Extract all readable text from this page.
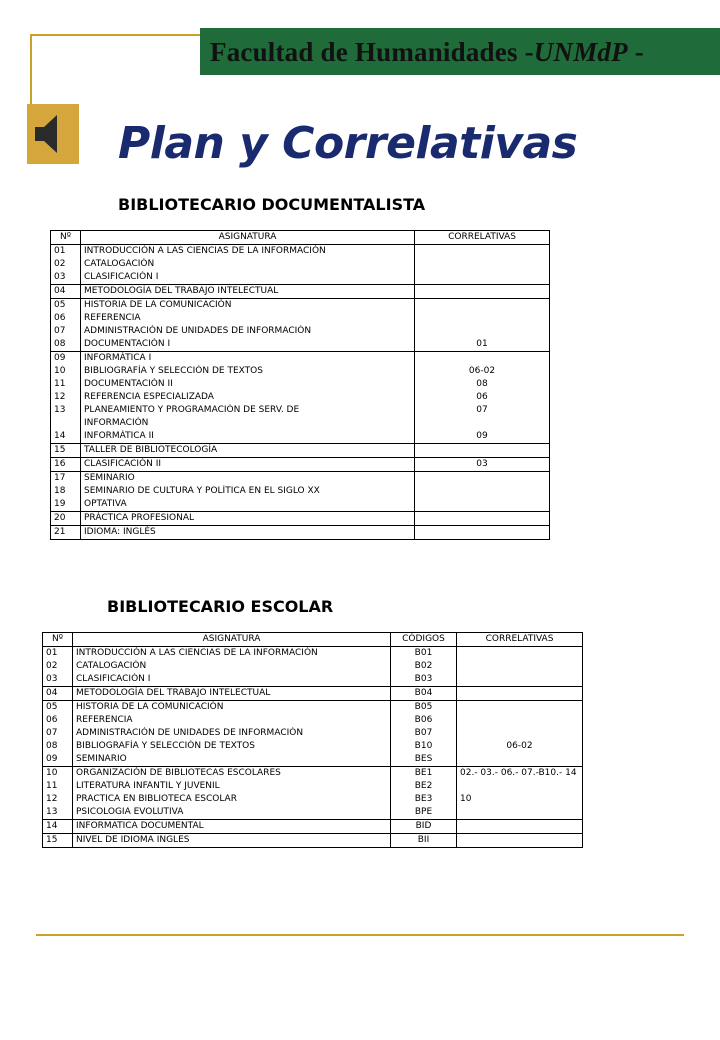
Facultad de Humanidades -UNMdP -
Plan y Correlativas
BIBLIOTECARIO DOCUMENTALISTA
Nº	ASIGNATURA	CORRELATIVAS
01	INTRODUCCIÓN A LAS CIENCIAS DE LA INFORMACIÓN	
02	CATALOGACIÓN	
03	CLASIFICACIÓN I	
04	METODOLOGÍA DEL TRABAJO INTELECTUAL	
05	HISTORIA DE LA COMUNICACIÓN	
06	REFERENCIA	
07	ADMINISTRACIÓN DE UNIDADES DE INFORMACIÓN	
08	DOCUMENTACIÓN I	01
09	INFORMÁTICA I	
10	BIBLIOGRAFÍA Y SELECCIÓN DE TEXTOS	06-02
11	DOCUMENTACIÓN II	08
12	REFERENCIA ESPECIALIZADA	06
13	PLANEAMIENTO Y PROGRAMACIÓN DE SERV. DE	07
	INFORMACIÓN	
14	INFORMÁTICA II	09
15	TALLER DE BIBLIOTECOLOGÍA	
16	CLASIFICACIÓN II	03
17	SEMINARIO	
18	SEMINARIO DE CULTURA Y POLÍTICA EN EL SIGLO XX	
19	OPTATIVA	
20	PRÁCTICA PROFESIONAL	
21	IDIOMA: INGLÉS	
BIBLIOTECARIO ESCOLAR
Nº	ASIGNATURA	CÓDIGOS	CORRELATIVAS
01	INTRODUCCIÓN A LAS CIENCIAS DE LA INFORMACIÓN	B01	
02	CATALOGACIÓN	B02	
03	CLASIFICACIÓN I	B03	
04	METODOLOGÍA DEL TRABAJO INTELECTUAL	B04	
05	HISTORIA DE LA COMUNICACIÓN	B05	
06	REFERENCIA	B06	
07	ADMINISTRACIÓN DE UNIDADES DE INFORMACIÓN	B07	
08	BIBLIOGRAFÍA Y SELECCIÓN DE TEXTOS	B10	06-02
09	SEMINARIO	BES	
10	ORGANIZACIÓN DE BIBLIOTECAS ESCOLARES	BE1	02.- 03.- 06.- 07.-B10.- 14
11	LITERATURA INFANTIL Y JUVENIL	BE2	
12	PRACTICA EN BIBLIOTECA ESCOLAR	BE3	10
13	PSICOLOGIA EVOLUTIVA	BPE	
14	INFORMATICA DOCUMENTAL	BID	
15	NIVEL DE IDIOMA INGLES	BII	
